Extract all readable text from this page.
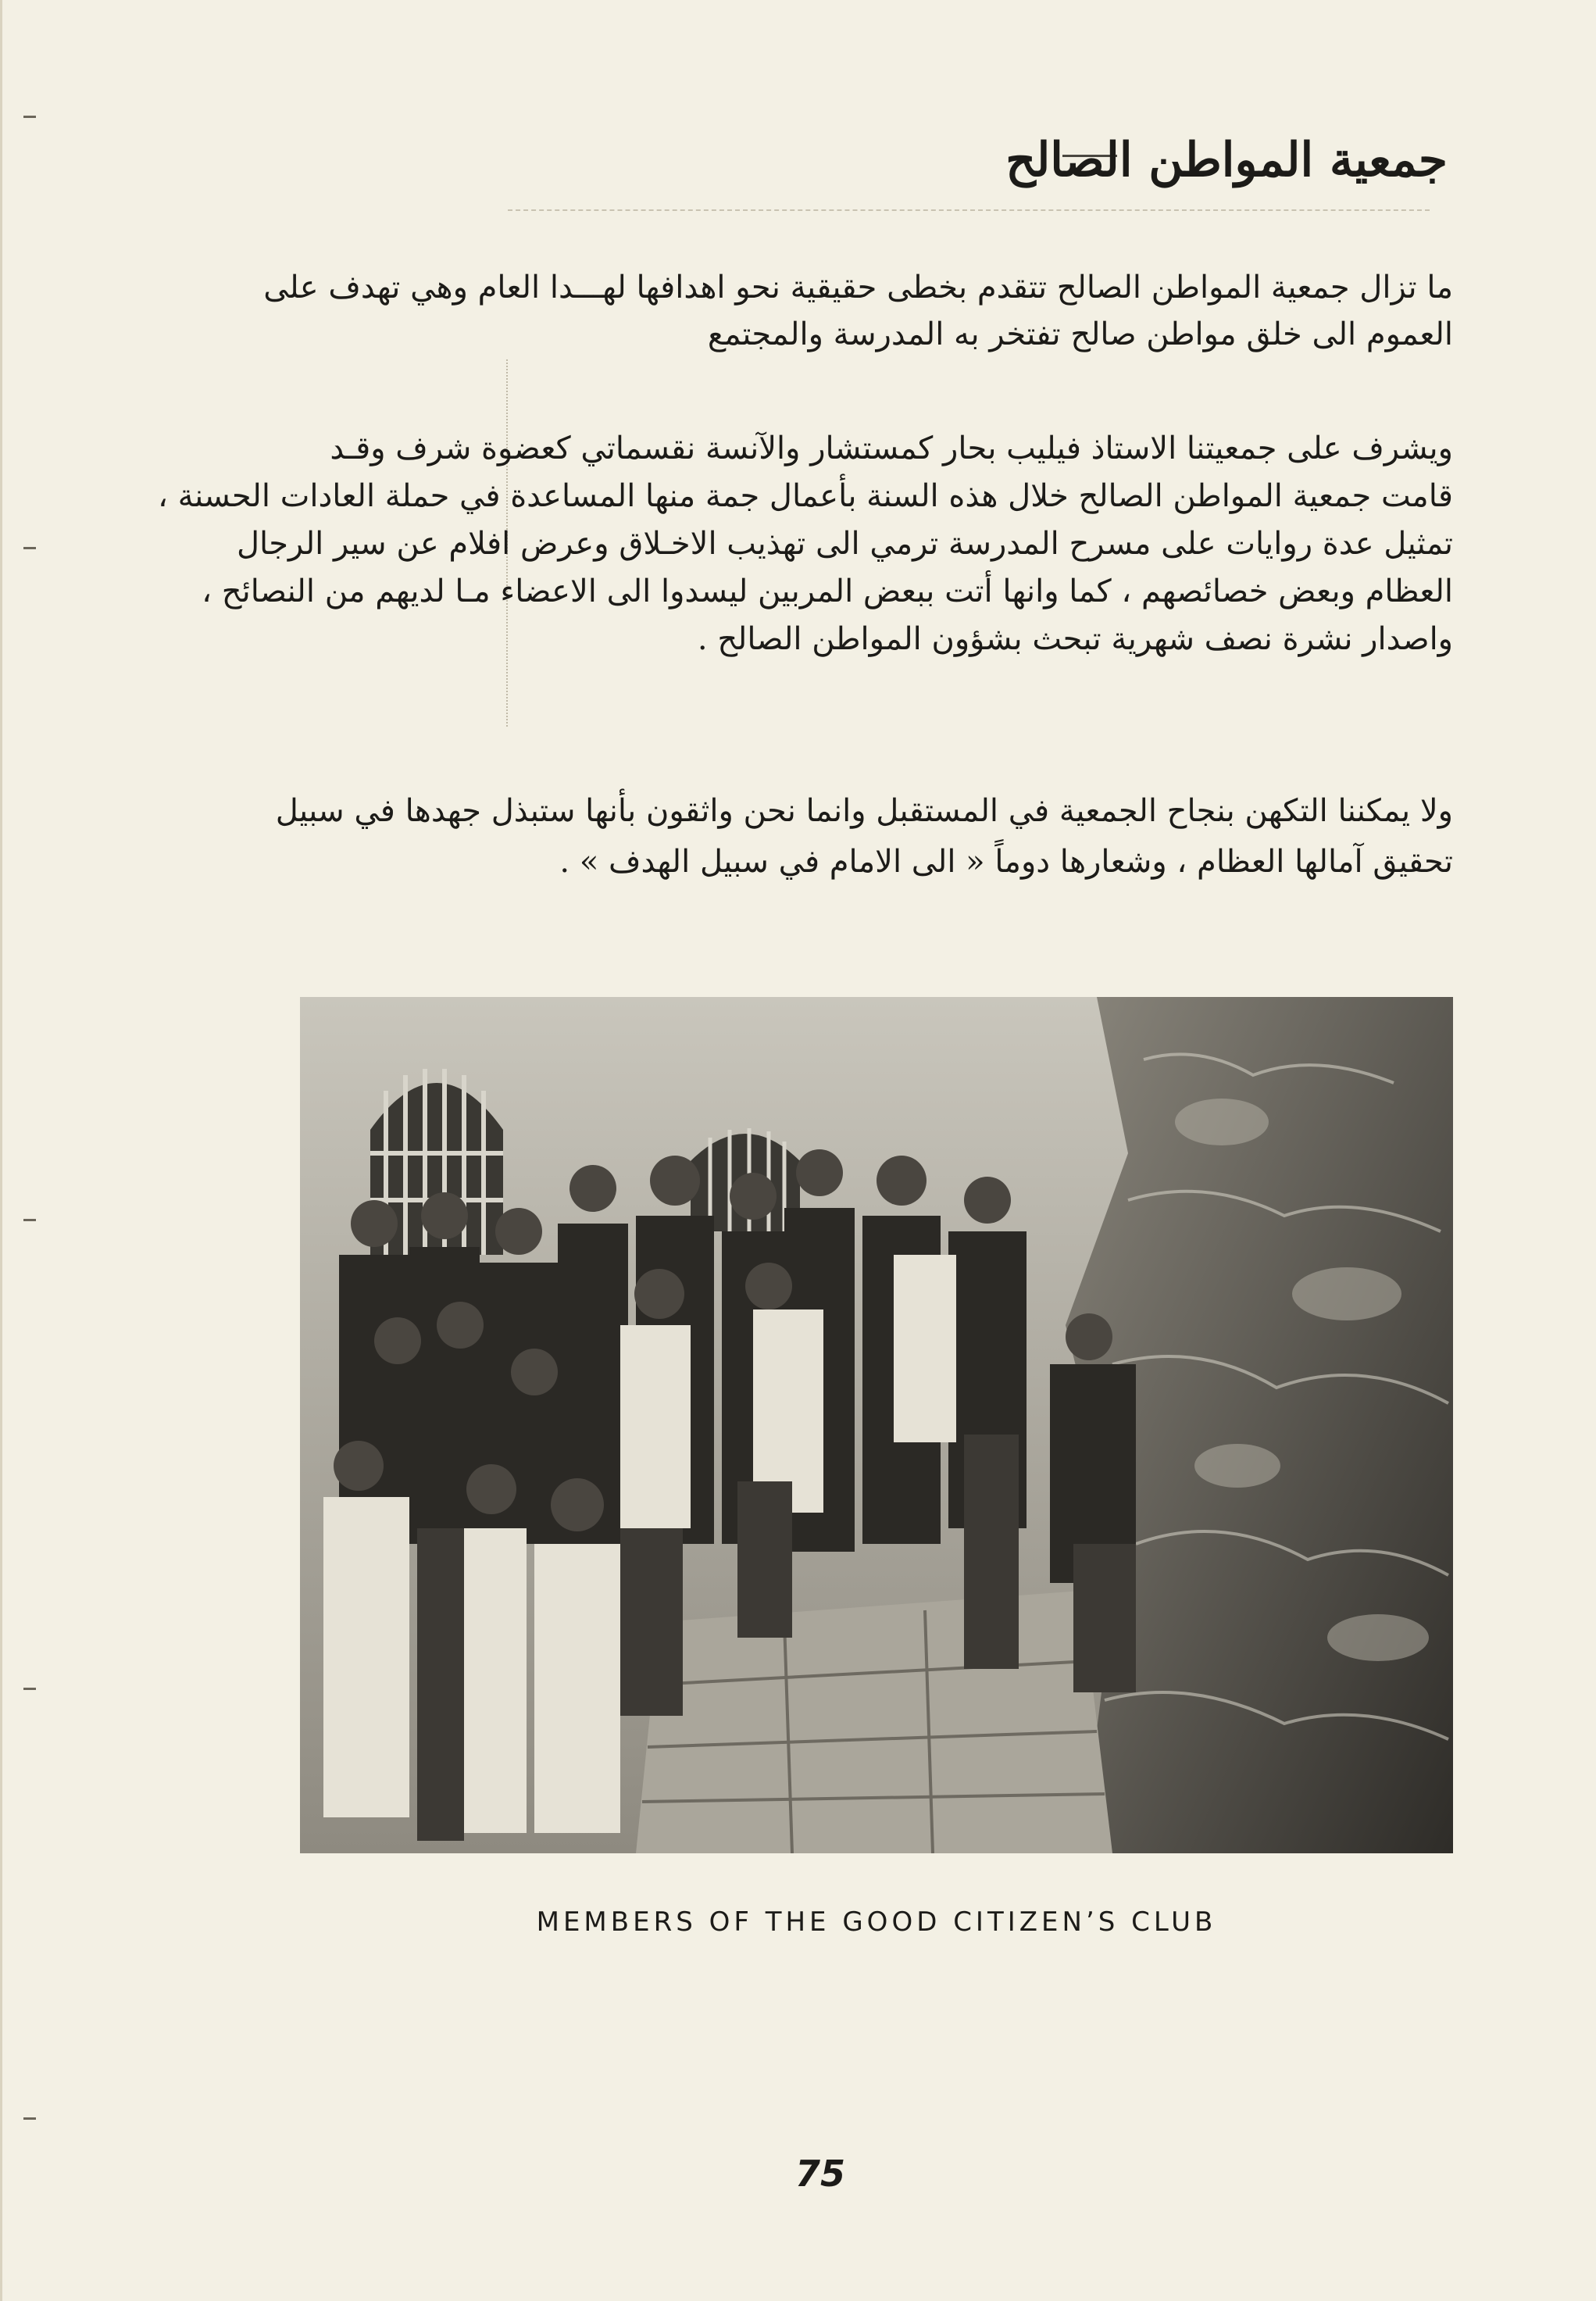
جمعية المواطن الصالح
ما تزال جمعية المواطن الصالح تتقدم بخطى حقيقية نحو اهدافها لهـــدا العام وهي تهدف على
العموم الى خلق مواطن صالح تفتخر به المدرسة والمجتمع
ويشرف على جمعيتنا الاستاذ فيليب بحار كمستشار والآنسة نقسماتي كعضوة شرف وقـد
قامت جمعية المواطن الصالح خلال هذه السنة بأعمال جمة منها المساعدة في حملة العادات الحسنة ،
تمثيل عدة روايات على مسرح المدرسة ترمي الى تهذيب الاخـلاق وعرض افلام عن سير الرجال
العظام وبعض خصائصهم ، كما وانها أتت ببعض المربين ليسدوا الى الاعضاء مـا لديهم من النصائح ،
واصدار نشرة نصف شهرية تبحث بشؤون المواطن الصالح .
ولا يمكننا التكهن بنجاح الجمعية في المستقبل وانما نحن واثقون بأنها ستبذل جهدها في سبيل
تحقيق آمالها العظام ، وشعارها دوماً « الى الامام في سبيل الهدف » .
MEMBERS OF THE GOOD CITIZEN’S CLUB
75
